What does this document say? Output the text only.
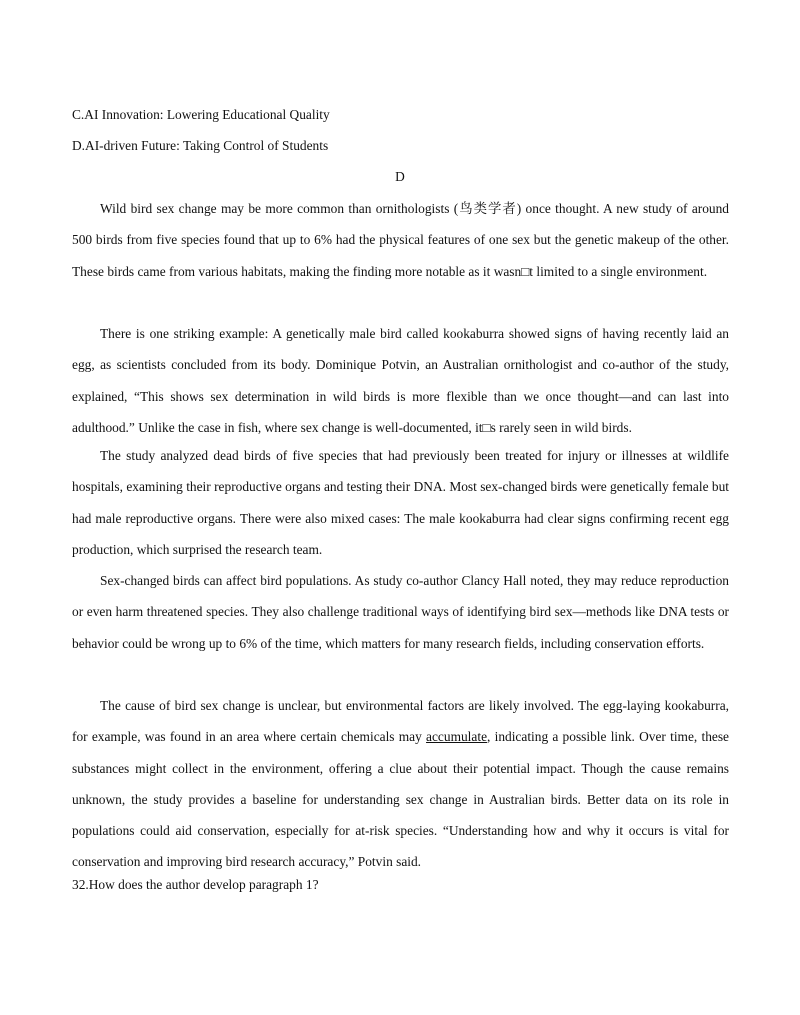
C.AI Innovation: Lowering Educational Quality

D.AI-driven Future: Taking Control of Students

D

Wild bird sex change may be more common than ornithologists (鸟类学者) once thought. A new study of around 500 birds from five species found that up to 6% had the physical features of one sex but the genetic makeup of the other. These birds came from various habitats, making the finding more notable as it wasn□t limited to a single environment.

There is one striking example: A genetically male bird called kookaburra showed signs of having recently laid an egg, as scientists concluded from its body. Dominique Potvin, an Australian ornithologist and co-author of the study, explained, “This shows sex determination in wild birds is more flexible than we once thought—and can last into adulthood.” Unlike the case in fish, where sex change is well-documented, it□s rarely seen in wild birds.

The study analyzed dead birds of five species that had previously been treated for injury or illnesses at wildlife hospitals, examining their reproductive organs and testing their DNA. Most sex-changed birds were genetically female but had male reproductive organs. There were also mixed cases: The male kookaburra had clear signs confirming recent egg production, which surprised the research team.

Sex-changed birds can affect bird populations. As study co-author Clancy Hall noted, they may reduce reproduction or even harm threatened species. They also challenge traditional ways of identifying bird sex—methods like DNA tests or behavior could be wrong up to 6% of the time, which matters for many research fields, including conservation efforts.

The cause of bird sex change is unclear, but environmental factors are likely involved. The egg-laying kookaburra, for example, was found in an area where certain chemicals may accumulate, indicating a possible link. Over time, these substances might collect in the environment, offering a clue about their potential impact. Though the cause remains unknown, the study provides a baseline for understanding sex change in Australian birds. Better data on its role in populations could aid conservation, especially for at-risk species. “Understanding how and why it occurs is vital for conservation and improving bird research accuracy,” Potvin said.

32.How does the author develop paragraph 1?
